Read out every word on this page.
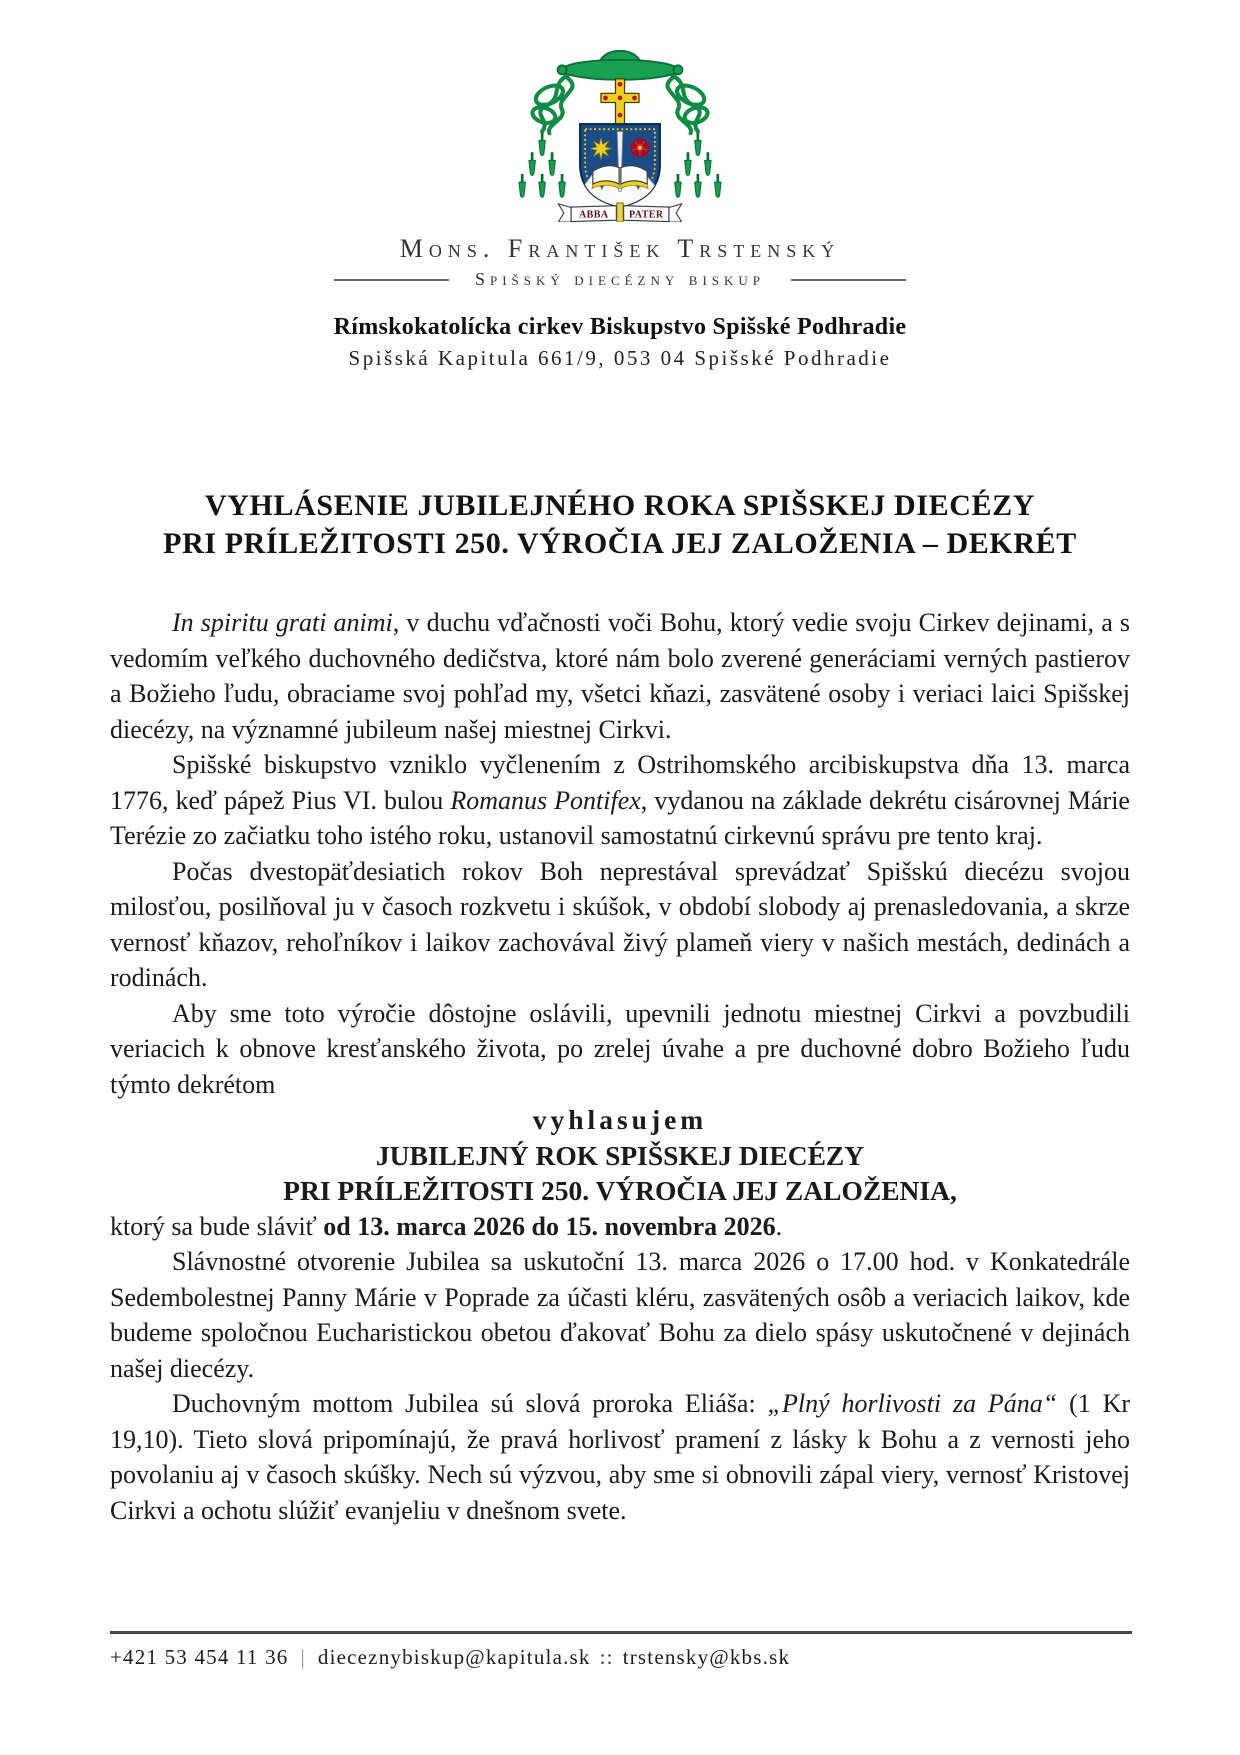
ABBA PATER
Mons. František Trstenský
Spišský diecézny biskup
Rímskokatolícka cirkev Biskupstvo Spišské Podhradie
Spišská Kapitula 661/9, 053 04 Spišské Podhradie
VYHLÁSENIE JUBILEJNÉHO ROKA SPIŠSKEJ DIECÉZY
PRI PRÍLEŽITOSTI 250. VÝROČIA JEJ ZALOŽENIA – DEKRÉT

In spiritu grati animi, v duchu vďačnosti voči Bohu, ktorý vedie svoju Cirkev dejinami, a s vedomím veľkého duchovného dedičstva, ktoré nám bolo zverené generáciami verných pastierov a Božieho ľudu, obraciame svoj pohľad my, všetci kňazi, zasvätené osoby i veriaci laici Spišskej diecézy, na významné jubileum našej miestnej Cirkvi.

Spišské biskupstvo vzniklo vyčlenením z Ostrihomského arcibiskupstva dňa 13. marca 1776, keď pápež Pius VI. bulou Romanus Pontifex, vydanou na základe dekrétu cisárovnej Márie Terézie zo začiatku toho istého roku, ustanovil samostatnú cirkevnú správu pre tento kraj.

Počas dvestopäťdesiatich rokov Boh neprestával sprevádzať Spišskú diecézu svojou milosťou, posilňoval ju v časoch rozkvetu i skúšok, v období slobody aj prenasledovania, a skrze vernosť kňazov, rehoľníkov i laikov zachovával živý plameň viery v našich mestách, dedinách a rodinách.

Aby sme toto výročie dôstojne oslávili, upevnili jednotu miestnej Cirkvi a povzbudili veriacich k obnove kresťanského života, po zrelej úvahe a pre duchovné dobro Božieho ľudu týmto dekrétom

vyhlasujem

JUBILEJNÝ ROK SPIŠSKEJ DIECÉZY

PRI PRÍLEŽITOSTI 250. VÝROČIA JEJ ZALOŽENIA,

ktorý sa bude sláviť od 13. marca 2026 do 15. novembra 2026.

Slávnostné otvorenie Jubilea sa uskutoční 13. marca 2026 o 17.00 hod. v Konkatedrále Sedembolestnej Panny Márie v Poprade za účasti kléru, zasvätených osôb a veriacich laikov, kde budeme spoločnou Eucharistickou obetou ďakovať Bohu za dielo spásy uskutočnené v dejinách našej diecézy.

Duchovným mottom Jubilea sú slová proroka Eliáša: „Plný horlivosti za Pána“ (1 Kr 19,10). Tieto slová pripomínajú, že pravá horlivosť pramení z lásky k Bohu a z vernosti jeho povolaniu aj v časoch skúšky. Nech sú výzvou, aby sme si obnovili zápal viery, vernosť Kristovej Cirkvi a ochotu slúžiť evanjeliu v dnešnom svete.

+421 53 454 11 36 | dieceznybiskup@kapitula.sk :: trstensky@kbs.sk
